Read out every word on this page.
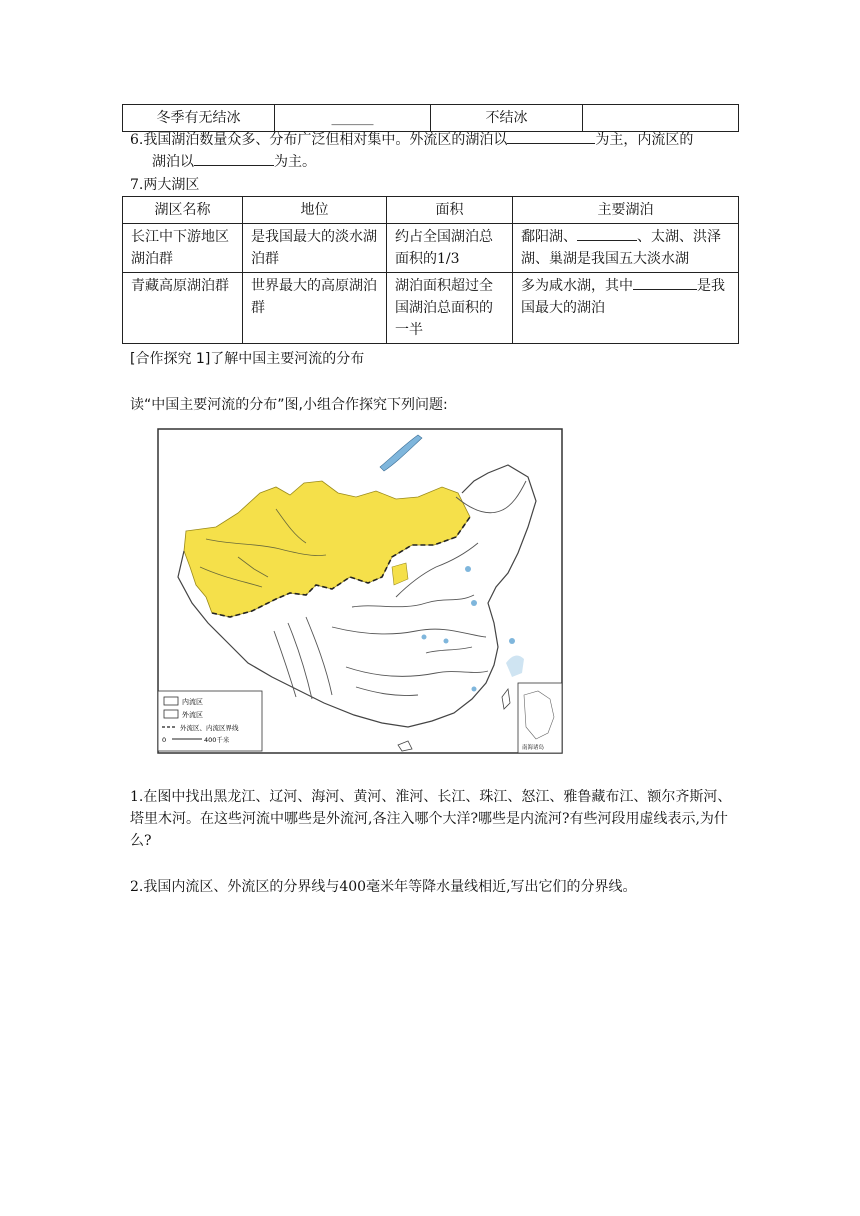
冬季有无结冰	______	不结冰	
6.我国湖泊数量众多、分布广泛但相对集中。外流区的湖泊以	为主，内流区的
湖泊以	为主。
7.两大湖区
湖区名称	地位	面积	主要湖泊
长江中下游地区湖泊群	是我国最大的淡水湖泊群	约占全国湖泊总面积的1/3	鄱阳湖、 、太湖、洪泽湖、巢湖是我国五大淡水湖
青藏高原湖泊群	世界最大的高原湖泊群	湖泊面积超过全国湖泊总面积的一半	多为咸水湖，其中 是我国最大的湖泊
[合作探究 1]了解中国主要河流的分布
读“中国主要河流的分布”图,小组合作探究下列问题:
1.在图中找出黑龙江、辽河、海河、黄河、淮河、长江、珠江、怒江、雅鲁藏布江、额尔齐斯河、塔里木河。在这些河流中哪些是外流河,各注入哪个大洋?哪些是内流河?有些河段用虚线表示,为什么?
2.我国内流区、外流区的分界线与400毫米年等降水量线相近,写出它们的分界线。
内流区
外流区
外流区、内流区界线
0	400千米
南海诸岛
